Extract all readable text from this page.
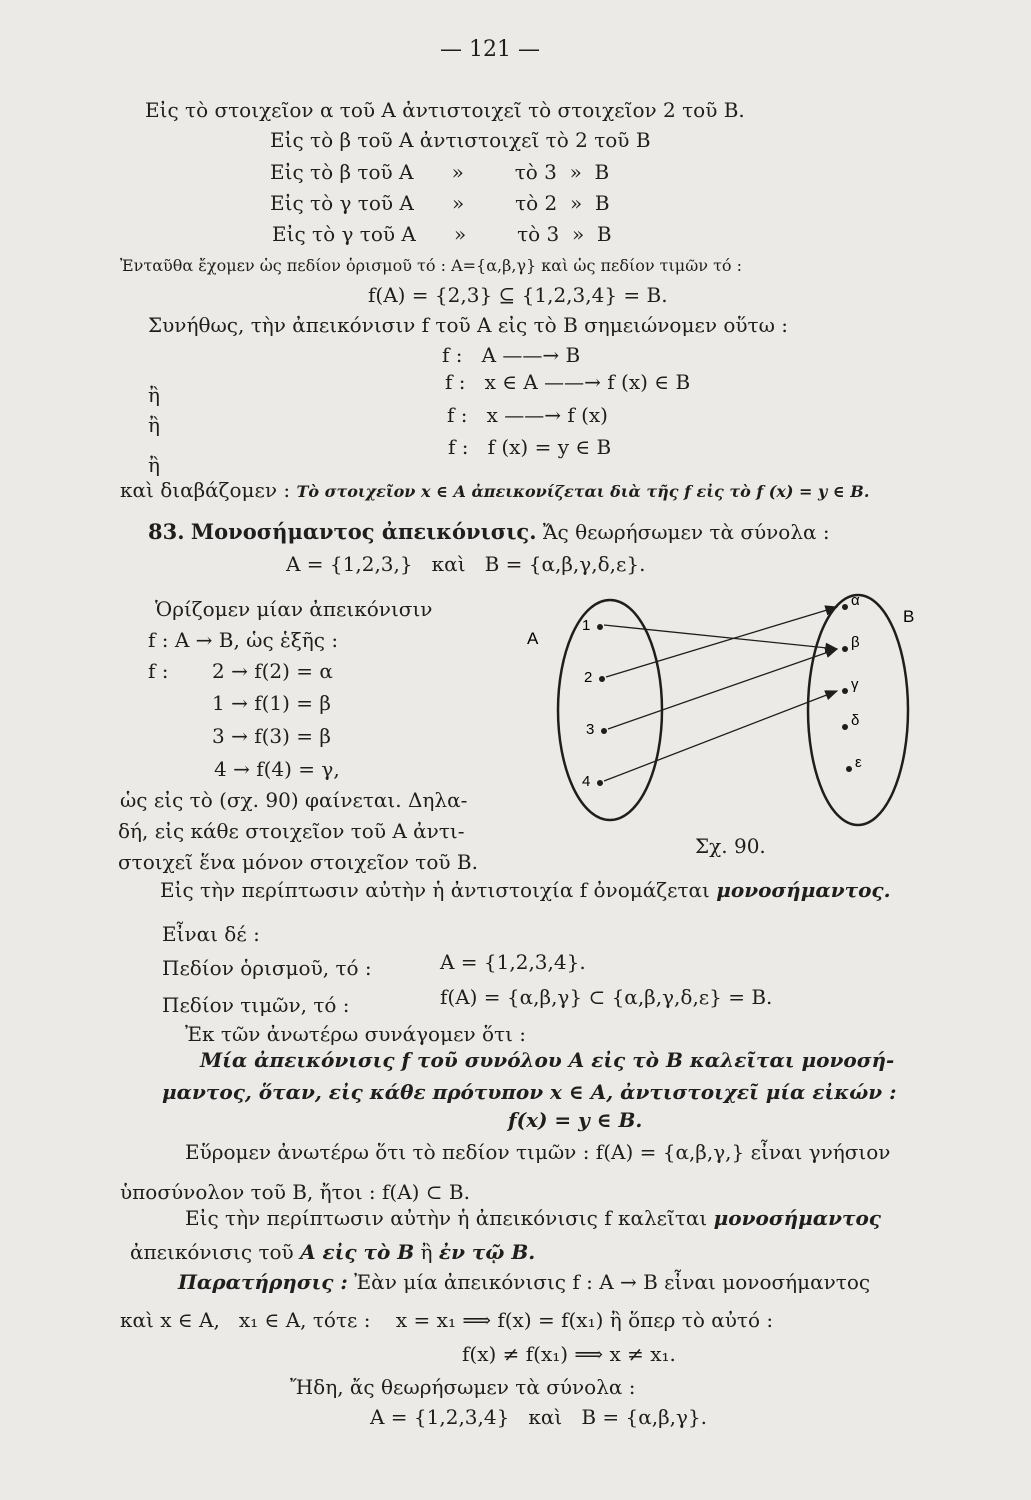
— 121 —
Εἰς τὸ στοιχεῖον α τοῦ Α ἀντιστοιχεῖ τὸ στοιχεῖον 2 τοῦ Β.
Εἰς τὸ β τοῦ Α ἀντιστοιχεῖ τὸ 2 τοῦ Β
Εἰς τὸ β τοῦ Α      »        τὸ 3  »  Β
Εἰς τὸ γ τοῦ Α      »        τὸ 2  »  Β
Εἰς τὸ γ τοῦ Α      »        τὸ 3  »  Β
Ἐνταῦθα ἔχομεν ὡς πεδίον ὁρισμοῦ τό : Α={α,β,γ} καὶ ὡς πεδίον τιμῶν τό :
f(A) = {2,3} ⊆ {1,2,3,4} = B.
Συνήθως, τὴν ἀπεικόνισιν f τοῦ Α εἰς τὸ Β σημειώνομεν οὕτω :
f :   A ——→ B
ἢ
f :   x ∈ A ——→ f (x) ∈ B
ἢ	f :   x ——→ f (x)
ἢ
f :   f (x) = y ∈ B
καὶ διαβάζομεν : Τὸ στοιχεῖον x ∈ A ἀπεικονίζεται διὰ τῆς f εἰς τὸ f (x) = y ∈ B.
83. Μονοσήμαντος ἀπεικόνισις. Ἄς θεωρήσωμεν τὰ σύνολα :
Α = {1,2,3,}   καὶ   Β = {α,β,γ,δ,ε}.
Ὁρίζομεν μίαν ἀπεικόνισιν
f : A → B, ὡς ἑξῆς :
f : 2 → f(2) = α
1 → f(1) = β
3 → f(3) = β
4 → f(4) = γ,
ὡς εἰς τὸ (σχ. 90) φαίνεται. Δηλα-
δή, εἰς κάθε στοιχεῖον τοῦ Α ἀντι-
στοιχεῖ ἕνα μόνον στοιχεῖον τοῦ Β.
A
B
1
2
3
4
α
β
γ
δ
ε
Σχ. 90.
Εἰς τὴν περίπτωσιν αὐτὴν ἡ ἀντιστοιχία f ὀνομάζεται μονοσήμαντος.
Εἶναι δέ :
Πεδίον ὁρισμοῦ, τό :	A = {1,2,3,4}.
Πεδίον τιμῶν, τό :	f(A) = {α,β,γ} ⊂ {α,β,γ,δ,ε} = B.
Ἐκ τῶν ἀνωτέρω συνάγομεν ὅτι :
Μία ἀπεικόνισις f τοῦ συνόλου Α εἰς τὸ Β καλεῖται μονοσή-
μαντος, ὅταν, εἰς κάθε πρότυπον x ∈ A, ἀντιστοιχεῖ μία εἰκών :
f(x) = y ∈ B.
Εὕρομεν ἀνωτέρω ὅτι τὸ πεδίον τιμῶν : f(A) = {α,β,γ,} εἶναι γνήσιον
ὑποσύνολον τοῦ Β, ἤτοι : f(A) ⊂ B.
Εἰς τὴν περίπτωσιν αὐτὴν ἡ ἀπεικόνισις f καλεῖται μονοσήμαντος
ἀπεικόνισις τοῦ Α εἰς τὸ Β ἢ ἐν τῷ Β.
Παρατήρησις : Ἐὰν μία ἀπεικόνισις f : A → B εἶναι μονοσήμαντος
καὶ x ∈ A,   x₁ ∈ A, τότε :    x = x₁ ⟹ f(x) = f(x₁) ἢ ὅπερ τὸ αὐτό :
f(x) ≠ f(x₁) ⟹ x ≠ x₁.
Ἤδη, ἄς θεωρήσωμεν τὰ σύνολα :
A = {1,2,3,4}   καὶ   B = {α,β,γ}.
